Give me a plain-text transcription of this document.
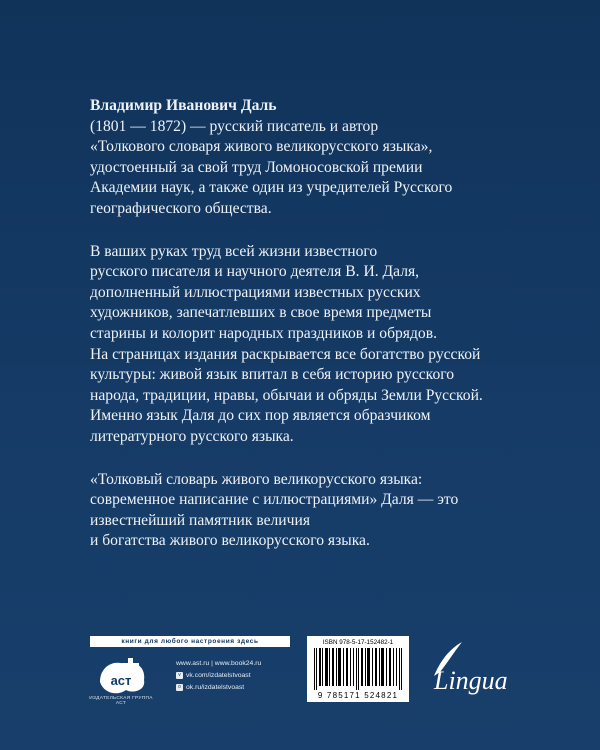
Владимир Иванович Даль

(1801 — 1872) — русский писатель и автор

«Толкового словаря живого великорусского языка»,

удостоенный за свой труд Ломоносовской премии

Академии наук, а также один из учредителей Русского

географического общества.

В ваших руках труд всей жизни известного

русского писателя и научного деятеля В. И. Даля,

дополненный иллюстрациями известных русских

художников, запечатлевших в свое время предметы

старины и колорит народных праздников и обрядов.

На страницах издания раскрывается все богатство русской

культуры: живой язык впитал в себя историю русского

народа, традиции, нравы, обычаи и обряды Земли Русской.

Именно язык Даля до сих пор является образчиком

литературного русского языка.

«Толковый словарь живого великорусского языка:

современное написание с иллюстрациями» Даля — это

известнейший памятник величия

и богатства живого великорусского языка.

книги для любого настроения здесь
аст
ИЗДАТЕЛЬСКАЯ ГРУППА АСТ
www.ast.ru | www.book24.ru
v vk.com/izdatelstvoast
o ok.ru/izdatelstvoast
ISBN 978-5-17-152482-1
9 785171 524821
Lingua
